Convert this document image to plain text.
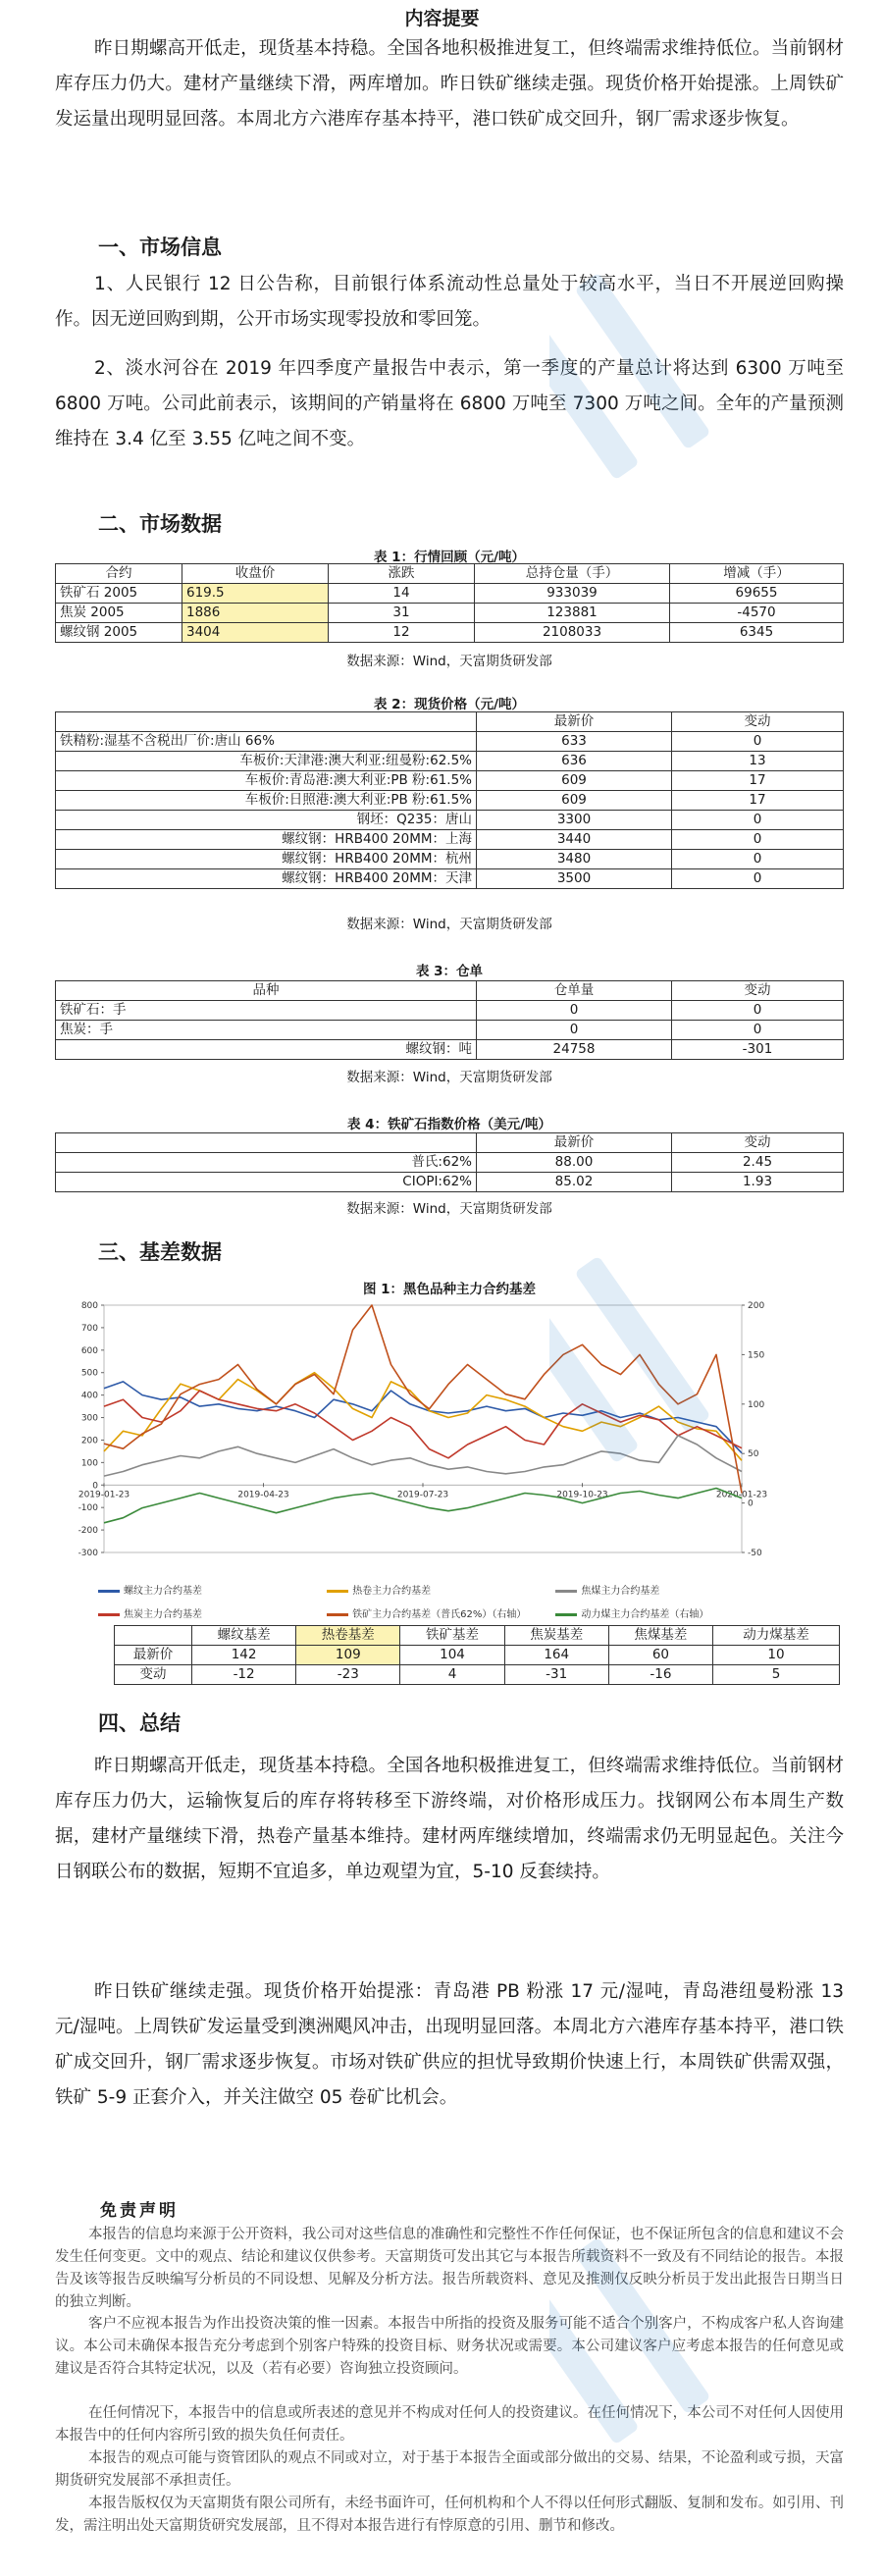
内容提要
昨日期螺高开低走，现货基本持稳。全国各地积极推进复工，但终端需求维持低位。当前钢材库存压力仍大。建材产量继续下滑，两库增加。昨日铁矿继续走强。现货价格开始提涨。上周铁矿发运量出现明显回落。本周北方六港库存基本持平，港口铁矿成交回升，钢厂需求逐步恢复。
一、市场信息
1、人民银行 12 日公告称，目前银行体系流动性总量处于较高水平，当日不开展逆回购操作。因无逆回购到期，公开市场实现零投放和零回笼。
2、淡水河谷在 2019 年四季度产量报告中表示，第一季度的产量总计将达到 6300 万吨至 6800 万吨。公司此前表示，该期间的产销量将在 6800 万吨至 7300 万吨之间。全年的产量预测维持在 3.4 亿至 3.55 亿吨之间不变。
二、市场数据
表 1：行情回顾（元/吨）
合约	收盘价	涨跌	总持仓量（手）	增减（手）
铁矿石 2005	619.5	14	933039	69655
焦炭 2005	1886	31	123881	-4570
螺纹钢 2005	3404	12	2108033	6345
数据来源：Wind，天富期货研发部
表 2：现货价格（元/吨）
	最新价	变动
铁精粉:湿基不含税出厂价:唐山 66%	633	0
车板价:天津港:澳大利亚:纽曼粉:62.5%	636	13
车板价:青岛港:澳大利亚:PB 粉:61.5%	609	17
车板价:日照港:澳大利亚:PB 粉:61.5%	609	17
钢坯：Q235：唐山	3300	0
螺纹钢：HRB400 20MM：上海	3440	0
螺纹钢：HRB400 20MM：杭州	3480	0
螺纹钢：HRB400 20MM：天津	3500	0
数据来源：Wind，天富期货研发部
表 3：仓单
品种	仓单量	变动
铁矿石：手	0	0
焦炭：手	0	0
螺纹钢：吨	24758	-301
数据来源：Wind，天富期货研发部
表 4：铁矿石指数价格（美元/吨）
	最新价	变动
普氏:62%	88.00	2.45
CIOPI:62%	85.02	1.93
数据来源：Wind，天富期货研发部
三、基差数据
图 1：黑色品种主力合约基差
800
700
600
500
400
300
200
100
0
-100
-200
-300
200
150
100
50
0
-50
2019-01-23	2019-04-23	2019-07-23	2019-10-23	2020-01-23
螺纹主力合约基差	热卷主力合约基差	焦煤主力合约基差
焦炭主力合约基差	铁矿主力合约基差（普氏62%）（右轴）	动力煤主力合约基差（右轴）
	螺纹基差	热卷基差	铁矿基差	焦炭基差	焦煤基差	动力煤基差
最新价	142	109	104	164	60	10
变动	-12	-23	4	-31	-16	5
四、总结
昨日期螺高开低走，现货基本持稳。全国各地积极推进复工，但终端需求维持低位。当前钢材库存压力仍大，运输恢复后的库存将转移至下游终端，对价格形成压力。找钢网公布本周生产数据，建材产量继续下滑，热卷产量基本维持。建材两库继续增加，终端需求仍无明显起色。关注今日钢联公布的数据，短期不宜追多，单边观望为宜，5-10 反套续持。
昨日铁矿继续走强。现货价格开始提涨：青岛港 PB 粉涨 17 元/湿吨，青岛港纽曼粉涨 13 元/湿吨。上周铁矿发运量受到澳洲飓风冲击，出现明显回落。本周北方六港库存基本持平，港口铁矿成交回升，钢厂需求逐步恢复。市场对铁矿供应的担忧导致期价快速上行，本周铁矿供需双强，铁矿 5-9 正套介入，并关注做空 05 卷矿比机会。
免责声明
本报告的信息均来源于公开资料，我公司对这些信息的准确性和完整性不作任何保证，也不保证所包含的信息和建议不会发生任何变更。文中的观点、结论和建议仅供参考。天富期货可发出其它与本报告所载资料不一致及有不同结论的报告。本报告及该等报告反映编写分析员的不同设想、见解及分析方法。报告所载资料、意见及推测仅反映分析员于发出此报告日期当日的独立判断。
客户不应视本报告为作出投资决策的惟一因素。本报告中所指的投资及服务可能不适合个别客户，不构成客户私人咨询建议。本公司未确保本报告充分考虑到个别客户特殊的投资目标、财务状况或需要。本公司建议客户应考虑本报告的任何意见或建议是否符合其特定状况，以及（若有必要）咨询独立投资顾问。
在任何情况下，本报告中的信息或所表述的意见并不构成对任何人的投资建议。在任何情况下，本公司不对任何人因使用本报告中的任何内容所引致的损失负任何责任。
本报告的观点可能与资管团队的观点不同或对立，对于基于本报告全面或部分做出的交易、结果，不论盈利或亏损，天富期货研究发展部不承担责任。
本报告版权仅为天富期货有限公司所有，未经书面许可，任何机构和个人不得以任何形式翻版、复制和发布。如引用、刊发，需注明出处天富期货研究发展部，且不得对本报告进行有悖原意的引用、删节和修改。
